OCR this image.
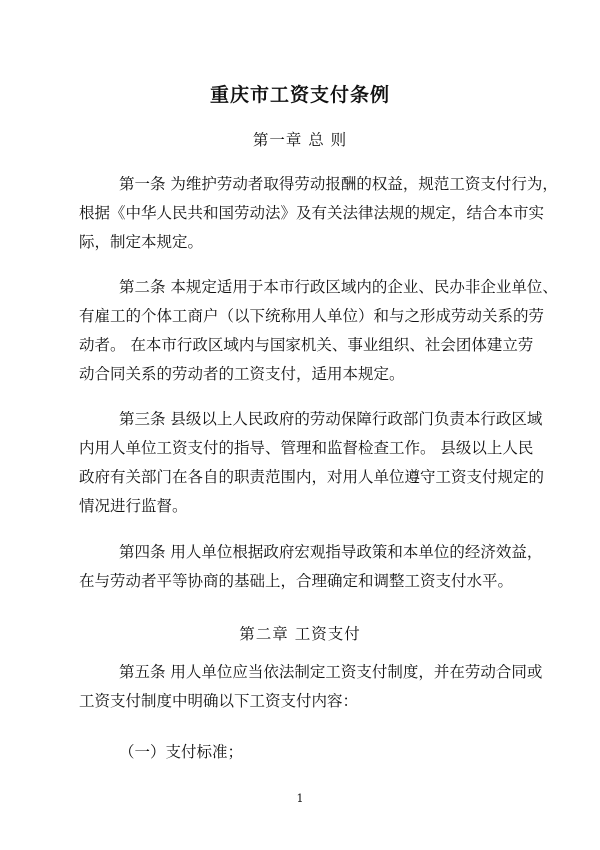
重庆市工资支付条例
第一章 总 则
第一条 为维护劳动者取得劳动报酬的权益，规范工资支付行为，
根据《中华人民共和国劳动法》及有关法律法规的规定，结合本市实
际，制定本规定。
第二条 本规定适用于本市行政区域内的企业、民办非企业单位、
有雇工的个体工商户（以下统称用人单位）和与之形成劳动关系的劳
动者。 在本市行政区域内与国家机关、事业组织、社会团体建立劳
动合同关系的劳动者的工资支付，适用本规定。
第三条 县级以上人民政府的劳动保障行政部门负责本行政区域
内用人单位工资支付的指导、管理和监督检查工作。 县级以上人民
政府有关部门在各自的职责范围内，对用人单位遵守工资支付规定的
情况进行监督。
第四条 用人单位根据政府宏观指导政策和本单位的经济效益，
在与劳动者平等协商的基础上，合理确定和调整工资支付水平。
第二章 工资支付
第五条 用人单位应当依法制定工资支付制度，并在劳动合同或
工资支付制度中明确以下工资支付内容：
（一）支付标准；
1
